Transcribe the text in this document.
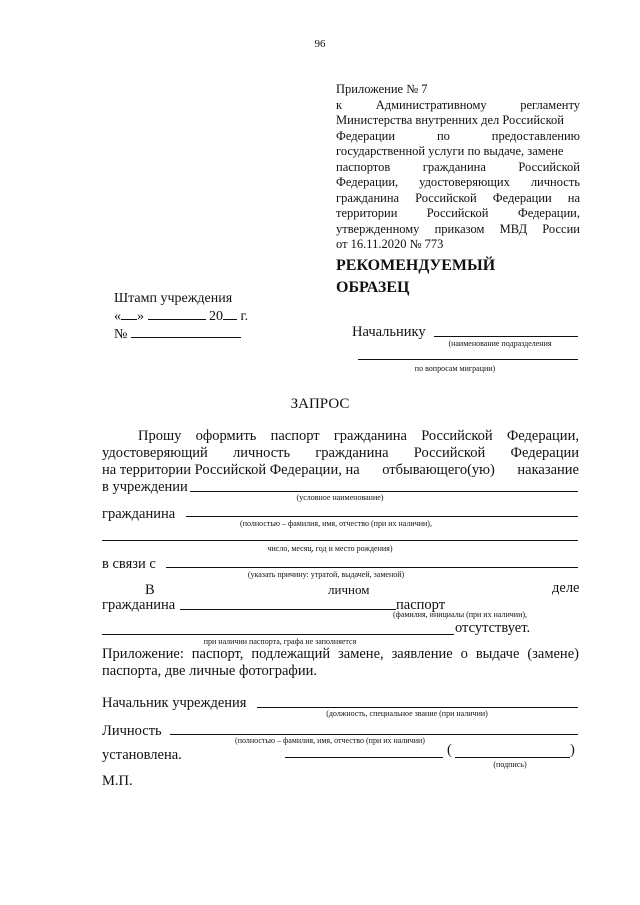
96
Приложение № 7
к	Административному	регламенту
Министерства внутренних дел Российской
Федерации	по	предоставлению
государственной услуги по выдаче, замене
паспортов	гражданина	Российской
Федерации, удостоверяющих личность
гражданина Российской Федерации на
территории Российской Федерации,
утвержденному приказом МВД России
от 16.11.2020 № 773
РЕКОМЕНДУЕМЫЙ
ОБРАЗЕЦ
Штамп учреждения
« »	20 г.
№	Начальнику
(наименование подразделения
по вопросам миграции)
ЗАПРОС
Прошу оформить паспорт гражданина Российской Федерации,
удостоверяющий личность гражданина Российской Федерации
на территории Российской Федерации, на отбывающего(ую) наказание
в учреждении
(условное наименование)
гражданина
(полностью – фамилия, имя, отчество (при их наличии),
число, месяц, год и место рождения)
в связи с
(указать причину: утратой, выдачей, заменой)
В	личном	деле
гражданина	паспорт
(фамилия, инициалы (при их наличии),
отсутствует.
при наличии паспорта, графа не заполняется
Приложение: паспорт, подлежащий замене, заявление о выдаче (замене)
паспорта, две личные фотографии.
Начальник учреждения
(должность, специальное звание (при наличии)
Личность
(полностью – фамилия, имя, отчество (при их наличии)
установлена.	(	)
(подпись)
М.П.
